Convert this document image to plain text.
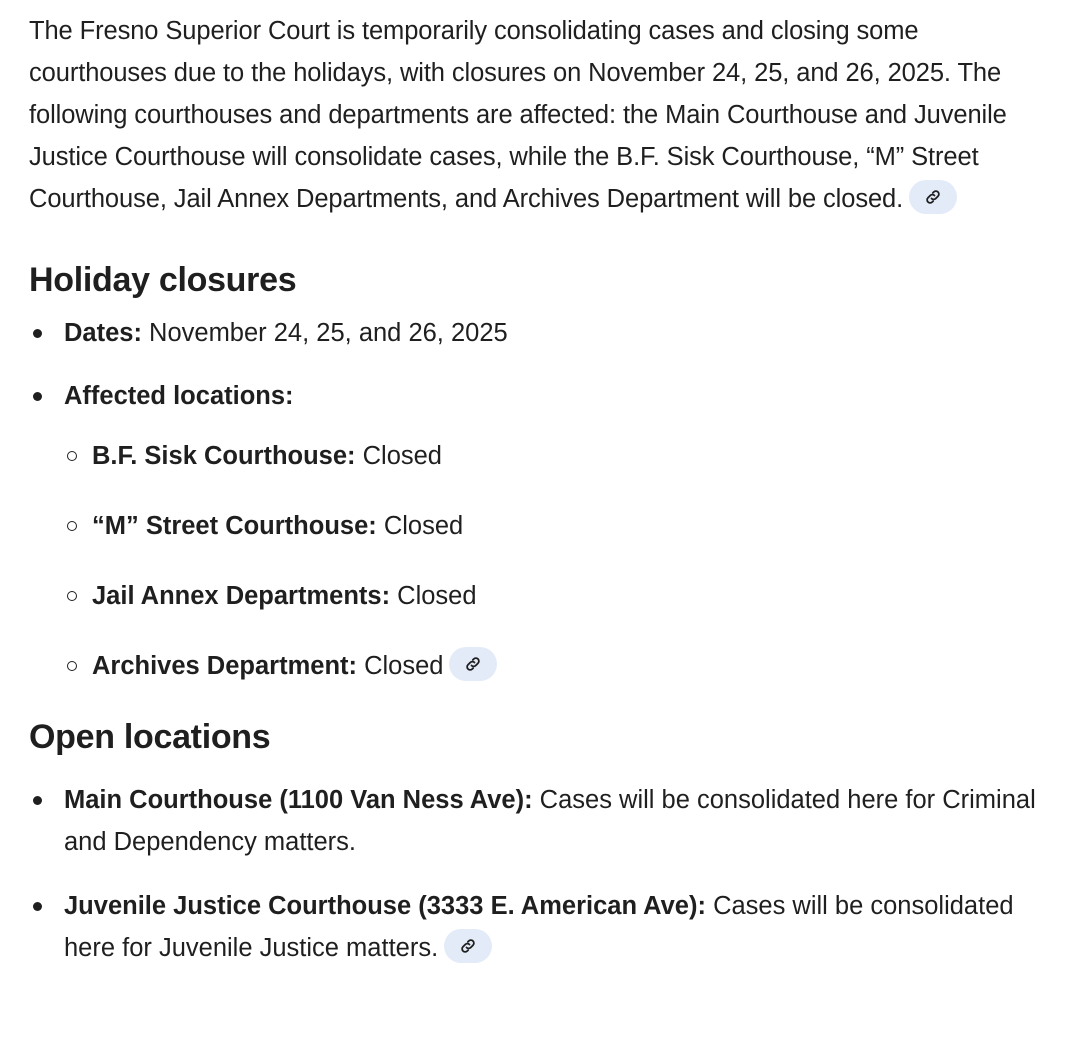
The Fresno Superior Court is temporarily consolidating cases and closing some courthouses due to the holidays, with closures on November 24, 25, and 26, 2025. The following courthouses and departments are affected: the Main Courthouse and Juvenile Justice Courthouse will consolidate cases, while the B.F. Sisk Courthouse, “M” Street Courthouse, Jail Annex Departments, and Archives Department will be closed.

Holiday closures
Dates: November 24, 25, and 26, 2025
Affected locations:
B.F. Sisk Courthouse: Closed
“M” Street Courthouse: Closed
Jail Annex Departments: Closed
Archives Department: Closed
Open locations
Main Courthouse (1100 Van Ness Ave): Cases will be consolidated here for Criminal and Dependency matters.
Juvenile Justice Courthouse (3333 E. American Ave): Cases will be consolidated here for Juvenile Justice matters.
